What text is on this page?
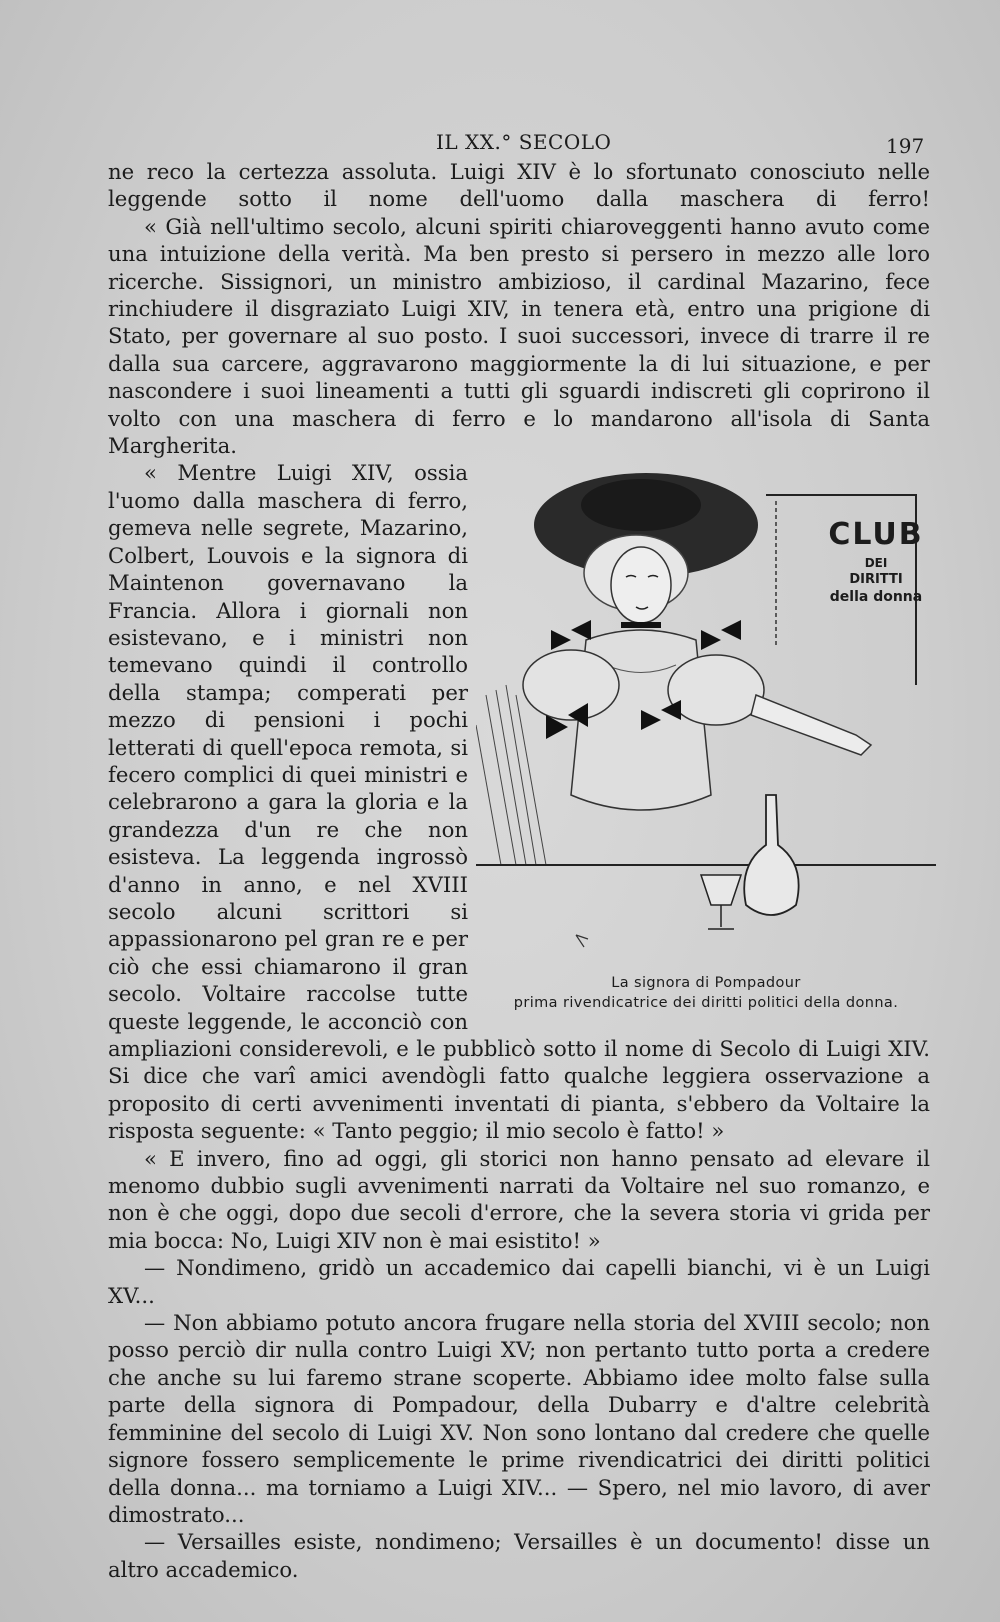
IL XX.° SECOLO	197

ne reco la certezza assoluta. Luigi XIV è lo sfortunato conosciuto nelle leggende sotto il nome dell'uomo dalla maschera di ferro!

« Già nell'ultimo secolo, alcuni spiriti chiaroveggenti hanno avuto come una intuizione della verità. Ma ben presto si persero in mezzo alle loro ricerche. Sissignori, un ministro ambizioso, il cardinal Mazarino, fece rinchiudere il disgraziato Luigi XIV, in tenera età, entro una prigione di Stato, per governare al suo posto. I suoi successori, invece di trarre il re dalla sua carcere, aggravarono maggiormente la di lui situazione, e per nascondere i suoi lineamenti a tutti gli sguardi indiscreti gli coprirono il volto con una maschera di ferro e lo mandarono all'isola di Santa Margherita.

CLUB
DEI
DIRITTI
della donna
La signora di Pompadour
prima rivendicatrice dei diritti politici della donna.

« Mentre Luigi XIV, ossia l'uomo dalla maschera di ferro, gemeva nelle segrete, Mazarino, Colbert, Louvois e la signora di Maintenon governavano la Francia. Allora i giornali non esistevano, e i ministri non temevano quindi il controllo della stampa; comperati per mezzo di pensioni i pochi letterati di quell'epoca remota, si fecero complici di quei ministri e celebrarono a gara la gloria e la grandezza d'un re che non esisteva. La leggenda ingrossò d'anno in anno, e nel XVIII secolo alcuni scrittori si appassionarono pel gran re e per ciò che essi chiamarono il gran secolo. Voltaire raccolse tutte queste leggende, le acconciò con ampliazioni considerevoli, e le pubblicò sotto il nome di Secolo di Luigi XIV. Si dice che varî amici avendògli fatto qualche leggiera osservazione a proposito di certi avvenimenti inventati di pianta, s'ebbero da Voltaire la risposta seguente: « Tanto peggio; il mio secolo è fatto! »

« E invero, fino ad oggi, gli storici non hanno pensato ad elevare il menomo dubbio sugli avvenimenti narrati da Voltaire nel suo romanzo, e non è che oggi, dopo due secoli d'errore, che la severa storia vi grida per mia bocca: No, Luigi XIV non è mai esistito! »

— Nondimeno, gridò un accademico dai capelli bianchi, vi è un Luigi XV...

— Non abbiamo potuto ancora frugare nella storia del XVIII secolo; non posso perciò dir nulla contro Luigi XV; non pertanto tutto porta a credere che anche su lui faremo strane scoperte. Abbiamo idee molto false sulla parte della signora di Pompadour, della Dubarry e d'altre celebrità femminine del secolo di Luigi XV. Non sono lontano dal credere che quelle signore fossero semplicemente le prime rivendicatrici dei diritti politici della donna... ma torniamo a Luigi XIV... — Spero, nel mio lavoro, di aver dimostrato...

— Versailles esiste, nondimeno; Versailles è un documento! disse un altro accademico.
